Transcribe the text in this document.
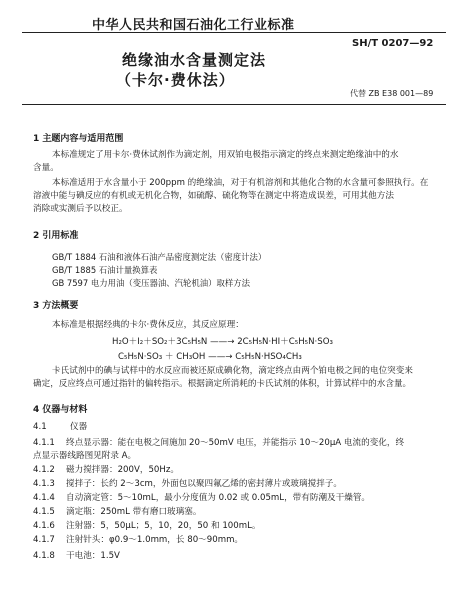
中华人民共和国石油化工行业标准
SH/T 0207—92
绝缘油水含量测定法
（卡尔·费休法）
代替 ZB E38 001—89
1 主题内容与适用范围
本标准规定了用卡尔·费休试剂作为滴定剂，用双铂电极指示滴定的终点来测定绝缘油中的水
含量。
本标准适用于水含量小于 200ppm 的绝缘油，对于有机溶剂和其他化合物的水含量可参照执行。在
溶液中能与碘反应的有机或无机化合物，如硫醇、硫化物等在测定中将造成误差，可用其他方法
消除或实测后予以校正。
2 引用标准
GB/T 1884 石油和液体石油产品密度测定法（密度计法）
GB/T 1885 石油计量换算表
GB 7597 电力用油（变压器油、汽轮机油）取样方法
3 方法概要
本标准是根据经典的卡尔·费休反应，其反应原理：
H₂O＋I₂＋SO₂＋3C₅H₅N ——→ 2C₅H₅N·HI＋C₅H₅N·SO₃
C₅H₅N·SO₃ ＋ CH₃OH ——→ C₅H₅N·HSO₄CH₃
卡氏试剂中的碘与试样中的水反应而被还原成碘化物，滴定终点由两个铂电极之间的电位突变来
确定，反应终点可通过指针的偏转指示。根据滴定所消耗的卡氏试剂的体积，计算试样中的水含量。
4 仪器与材料
4.1	仪器
4.1.1 终点显示器：能在电极之间施加 20～50mV 电压，并能指示 10～20μA 电流的变化，终
点显示器线路图见附录 A。
4.1.2 磁力搅拌器：200V，50Hz。
4.1.3 搅拌子：长约 2～3cm，外面包以聚四氟乙烯的密封薄片或玻璃搅拌子。
4.1.4 自动滴定管：5～10mL，最小分度值为 0.02 或 0.05mL，带有防潮及干燥管。
4.1.5 滴定瓶：250mL 带有磨口玻璃塞。
4.1.6 注射器：5，50μL；5，10，20，50 和 100mL。
4.1.7 注射针头：φ0.9～1.0mm，长 80～90mm。
4.1.8 干电池：1.5V
